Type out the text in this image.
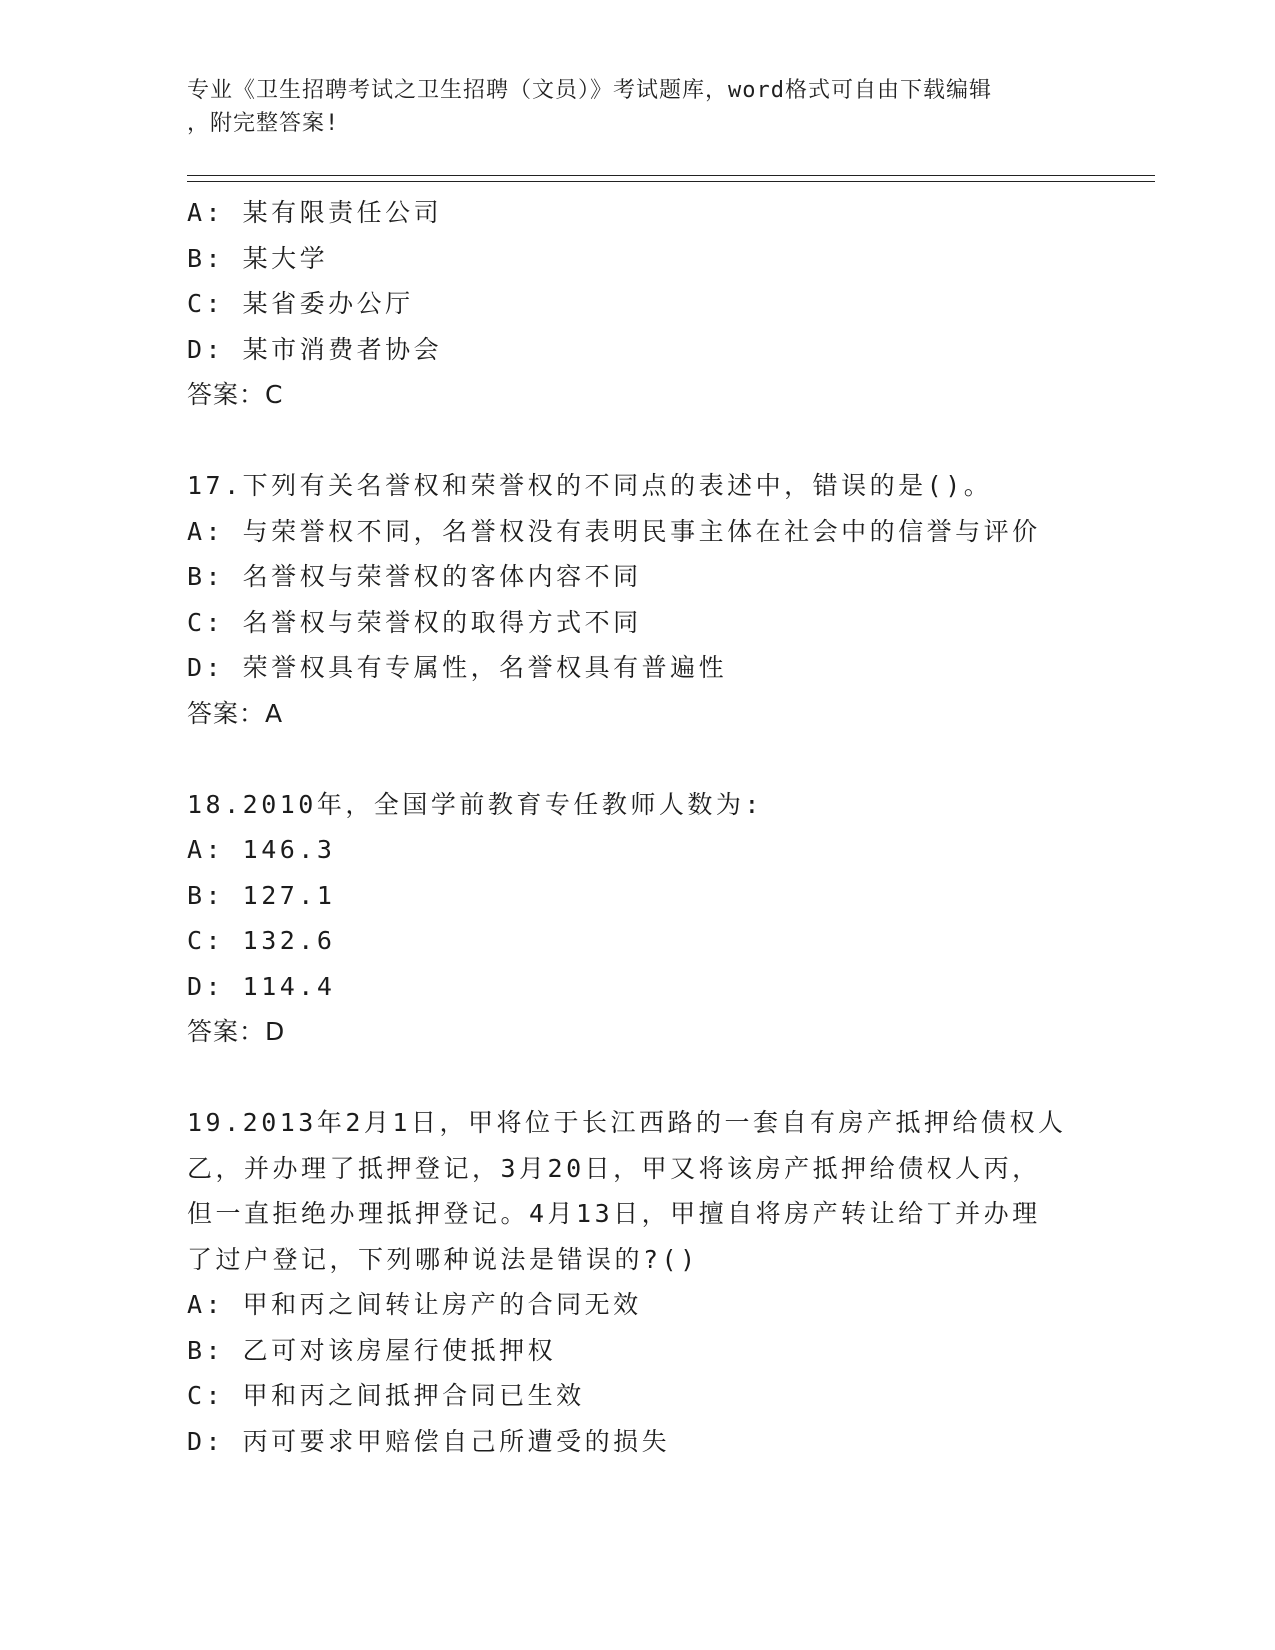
专业《卫生招聘考试之卫生招聘（文员）》考试题库，word格式可自由下载编辑
，附完整答案!
A: 某有限责任公司
B: 某大学
C: 某省委办公厅
D: 某市消费者协会
答案：C
17.下列有关名誉权和荣誉权的不同点的表述中，错误的是()。
A: 与荣誉权不同，名誉权没有表明民事主体在社会中的信誉与评价
B: 名誉权与荣誉权的客体内容不同
C: 名誉权与荣誉权的取得方式不同
D: 荣誉权具有专属性，名誉权具有普遍性
答案：A
18.2010年，全国学前教育专任教师人数为:
A: 146.3
B: 127.1
C: 132.6
D: 114.4
答案：D
19.2013年2月1日，甲将位于长江西路的一套自有房产抵押给债权人
乙，并办理了抵押登记，3月20日，甲又将该房产抵押给债权人丙，
但一直拒绝办理抵押登记。4月13日，甲擅自将房产转让给丁并办理
了过户登记，下列哪种说法是错误的?()
A: 甲和丙之间转让房产的合同无效
B: 乙可对该房屋行使抵押权
C: 甲和丙之间抵押合同已生效
D: 丙可要求甲赔偿自己所遭受的损失
